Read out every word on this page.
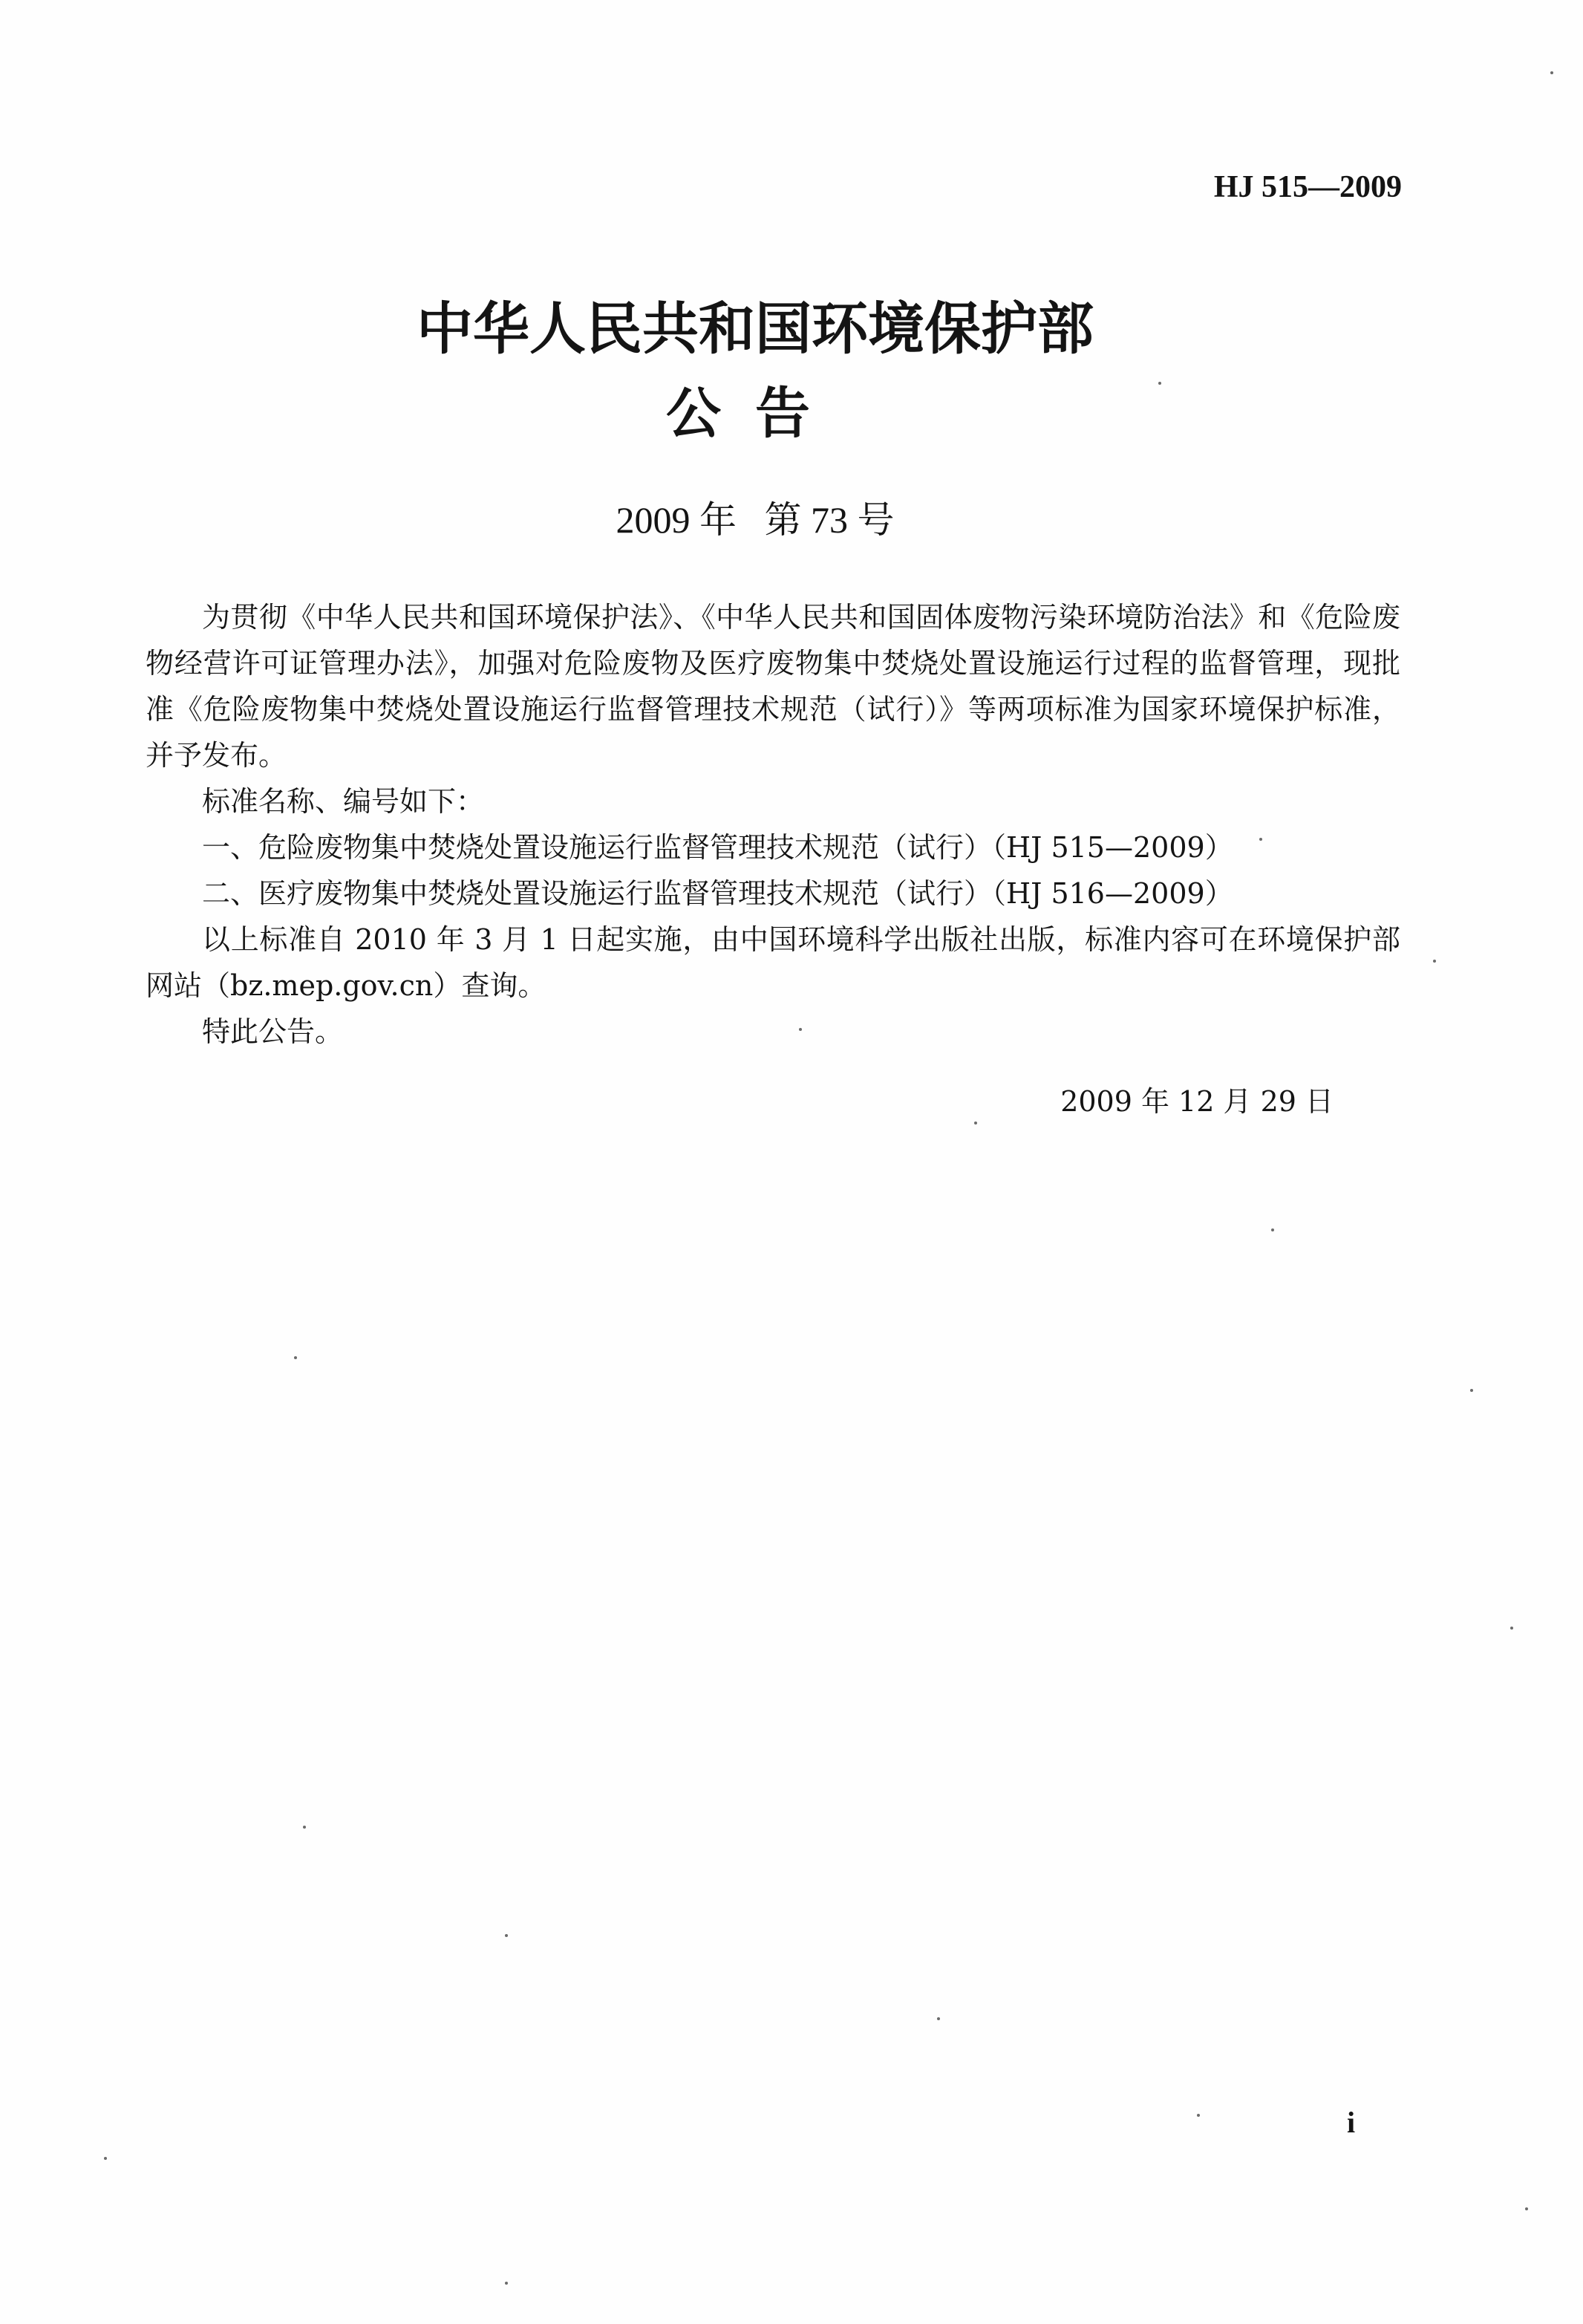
HJ 515—2009
中华人民共和国环境保护部
公告
2009 年   第 73 号

为贯彻《中华人民共和国环境保护法》、《中华人民共和国固体废物污染环境防治法》和《危险废物经营许可证管理办法》，加强对危险废物及医疗废物集中焚烧处置设施运行过程的监督管理，现批准《危险废物集中焚烧处置设施运行监督管理技术规范（试行）》等两项标准为国家环境保护标准，并予发布。

标准名称、编号如下：

一、危险废物集中焚烧处置设施运行监督管理技术规范（试行）（HJ 515—2009）

二、医疗废物集中焚烧处置设施运行监督管理技术规范（试行）（HJ 516—2009）

以上标准自 2010 年 3 月 1 日起实施，由中国环境科学出版社出版，标准内容可在环境保护部网站（bz.mep.gov.cn）查询。

特此公告。

2009 年 12 月 29 日
i
